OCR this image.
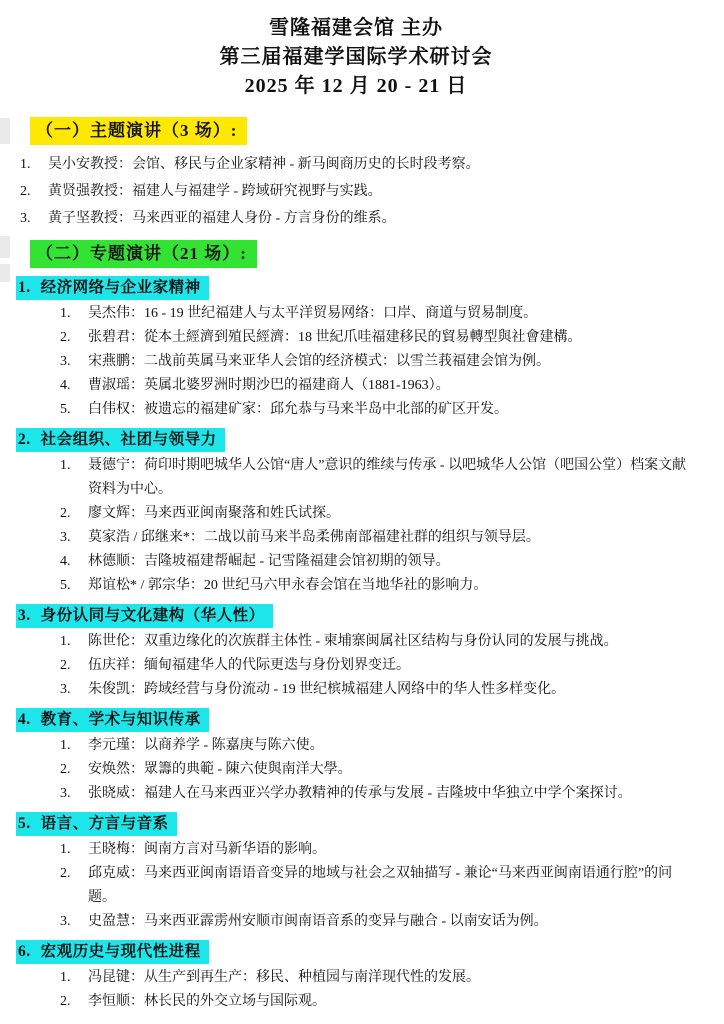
雪隆福建会馆 主办
第三届福建学国际学术研讨会
2025 年 12 月 20 - 21 日
（一）主题演讲（3 场）:
1.	吴小安教授：会馆、移民与企业家精神 - 新马闽商历史的长时段考察。
2.	黄贤强教授：福建人与福建学 - 跨域研究视野与实践。
3.	黄子坚教授：马来西亚的福建人身份 - 方言身份的维系。
（二）专题演讲（21 场）:
1. 经济网络与企业家精神
1.	吴杰伟：16 - 19 世纪福建人与太平洋贸易网络：口岸、商道与贸易制度。
2.	张碧君：從本土經濟到殖民經濟：18 世紀爪哇福建移民的貿易轉型與社會建構。
3.	宋燕鹏：二战前英属马来亚华人会馆的经济模式：以雪兰莪福建会馆为例。
4.	曹淑瑶：英属北婆罗洲时期沙巴的福建商人（1881-1963）。
5.	白伟权：被遗忘的福建矿家：邱允恭与马来半岛中北部的矿区开发。
2. 社会组织、社团与领导力
1.	聂德宁：荷印时期吧城华人公馆“唐人”意识的维续与传承 - 以吧城华人公馆（吧国公堂）档案文献资料为中心。
2.	廖文辉：马来西亚闽南聚落和姓氏试探。
3.	莫家浩 / 邱继来*：二战以前马来半岛柔佛南部福建社群的组织与领导层。
4.	林德顺：吉隆坡福建帮崛起 - 记雪隆福建会馆初期的领导。
5.	郑谊松* / 郭宗华：20 世纪马六甲永春会馆在当地华社的影响力。
3. 身份认同与文化建构（华人性）
1.	陈世伦：双重边缘化的次族群主体性 - 柬埔寨闽属社区结构与身份认同的发展与挑战。
2.	伍庆祥：缅甸福建华人的代际更迭与身份划界变迁。
3.	朱俊凯：跨域经营与身份流动 - 19 世纪槟城福建人网络中的华人性多样变化。
4. 教育、学术与知识传承
1.	李元瑾：以商养学 - 陈嘉庚与陈六使。
2.	安焕然：眾籌的典範 - 陳六使與南洋大學。
3.	张晓威：福建人在马来西亚兴学办教精神的传承与发展 - 吉隆坡中华独立中学个案探讨。
5. 语言、方言与音系
1.	王晓梅：闽南方言对马新华语的影响。
2.	邱克威：马来西亚闽南语语音变异的地域与社会之双轴描写 - 兼论“马来西亚闽南语通行腔”的问题。
3.	史盈慧：马来西亚霹雳州安顺市闽南语音系的变异与融合 - 以南安话为例。
6. 宏观历史与现代性进程
1.	冯昆键：从生产到再生产：移民、种植园与南洋现代性的发展。
2.	李恒顺：林长民的外交立场与国际观。
